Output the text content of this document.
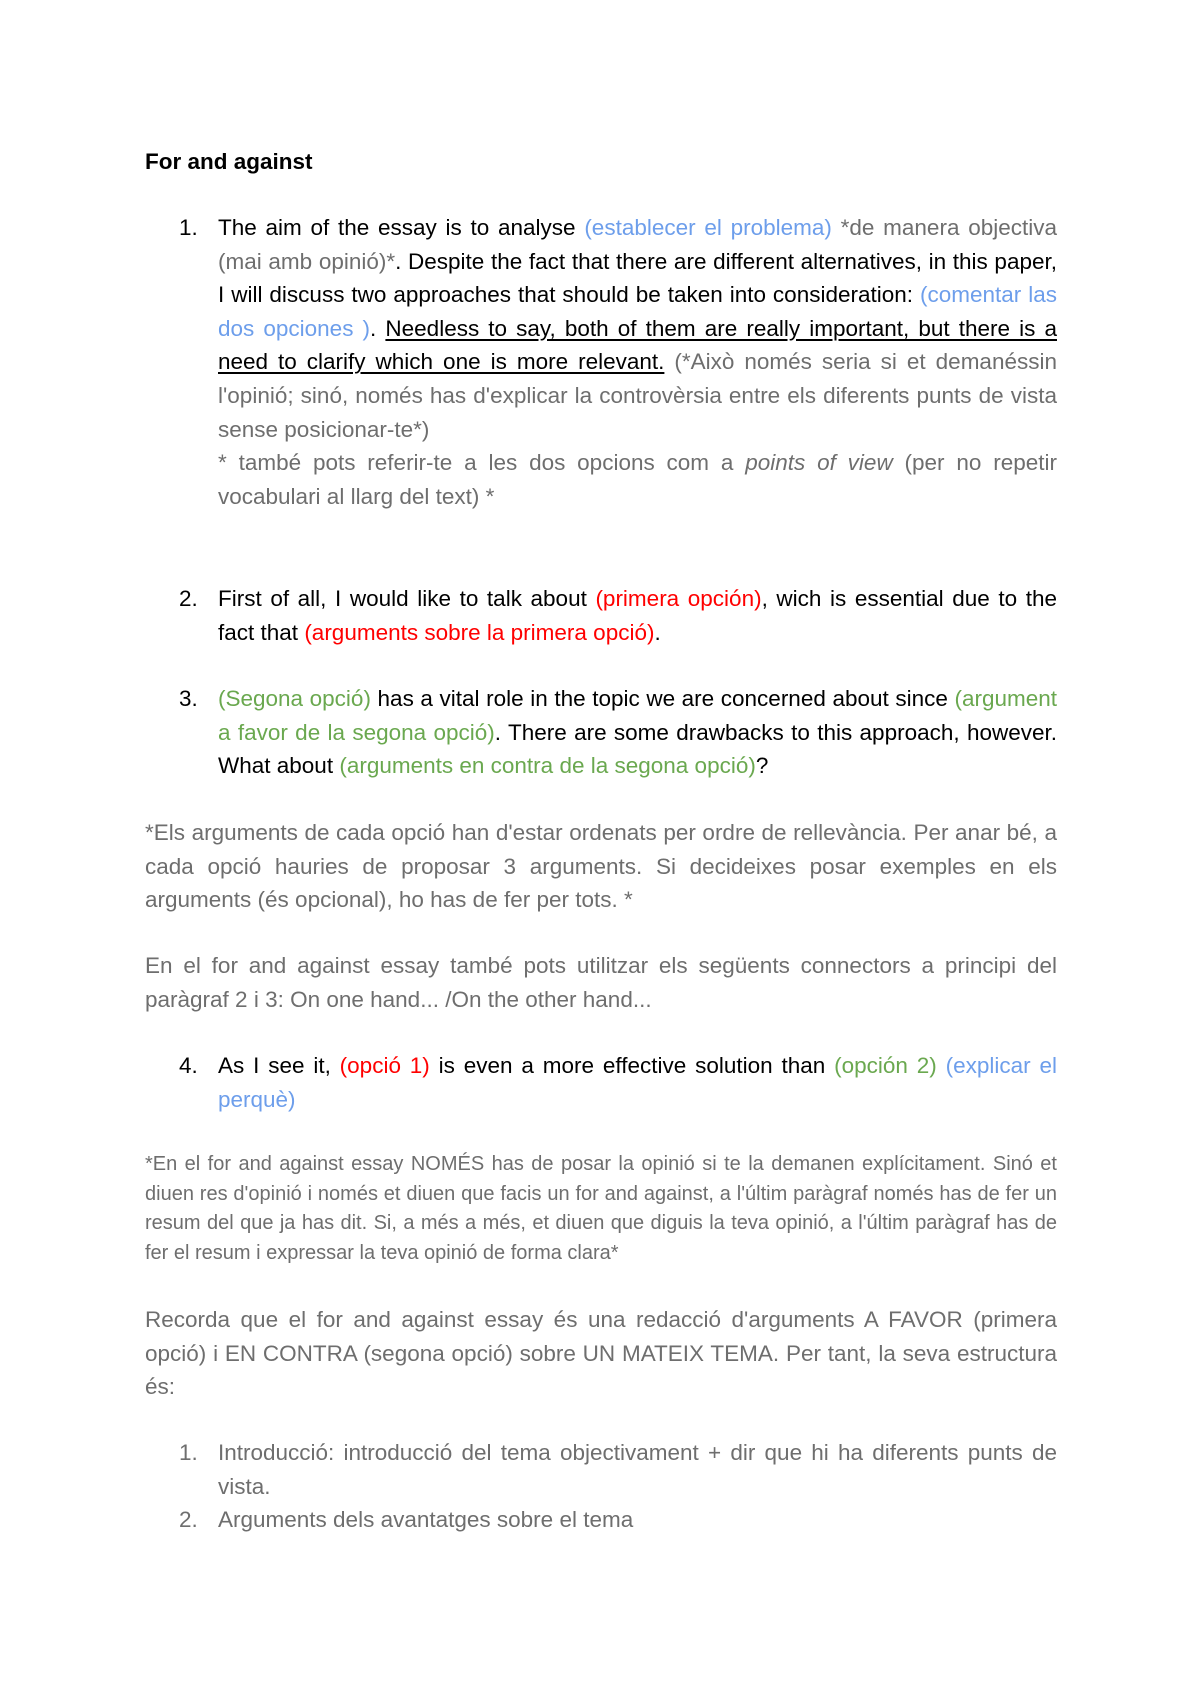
For and against
1. The aim of the essay is to analyse (establecer el problema) *de manera objectiva (mai amb opinió)*. Despite the fact that there are different alternatives, in this paper, I will discuss two approaches that should be taken into consideration: (comentar las dos opciones ). Needless to say, both of them are really important, but there is a need to clarify which one is more relevant. (*Això només seria si et demanéssin l'opinió; sinó, només has d'explicar la controvèrsia entre els diferents punts de vista sense posicionar-te*)

* també pots referir-te a les dos opcions com a points of view (per no repetir vocabulari al llarg del text) *

2. First of all, I would like to talk about (primera opción), wich is essential due to the fact that (arguments sobre la primera opció).

3. (Segona opció) has a vital role in the topic we are concerned about since (argument a favor de la segona opció). There are some drawbacks to this approach, however. What about (arguments en contra de la segona opció)?

*Els arguments de cada opció han d'estar ordenats per ordre de rellevància. Per anar bé, a cada opció hauries de proposar 3 arguments. Si decideixes posar exemples en els arguments (és opcional), ho has de fer per tots. *

En el for and against essay també pots utilitzar els següents connectors a principi del paràgraf 2 i 3: On one hand... /On the other hand...

4. As I see it, (opció 1) is even a more effective solution than (opción 2) (explicar el perquè)

*En el for and against essay NOMÉS has de posar la opinió si te la demanen explícitament. Sinó et diuen res d'opinió i només et diuen que facis un for and against, a l'últim paràgraf només has de fer un resum del que ja has dit. Si, a més a més, et diuen que diguis la teva opinió, a l'últim paràgraf has de fer el resum i expressar la teva opinió de forma clara*

Recorda que el for and against essay és una redacció d'arguments A FAVOR (primera opció) i EN CONTRA (segona opció) sobre UN MATEIX TEMA. Per tant, la seva estructura és:

1. Introducció: introducció del tema objectivament + dir que hi ha diferents punts de vista.

2. Arguments dels avantatges sobre el tema
